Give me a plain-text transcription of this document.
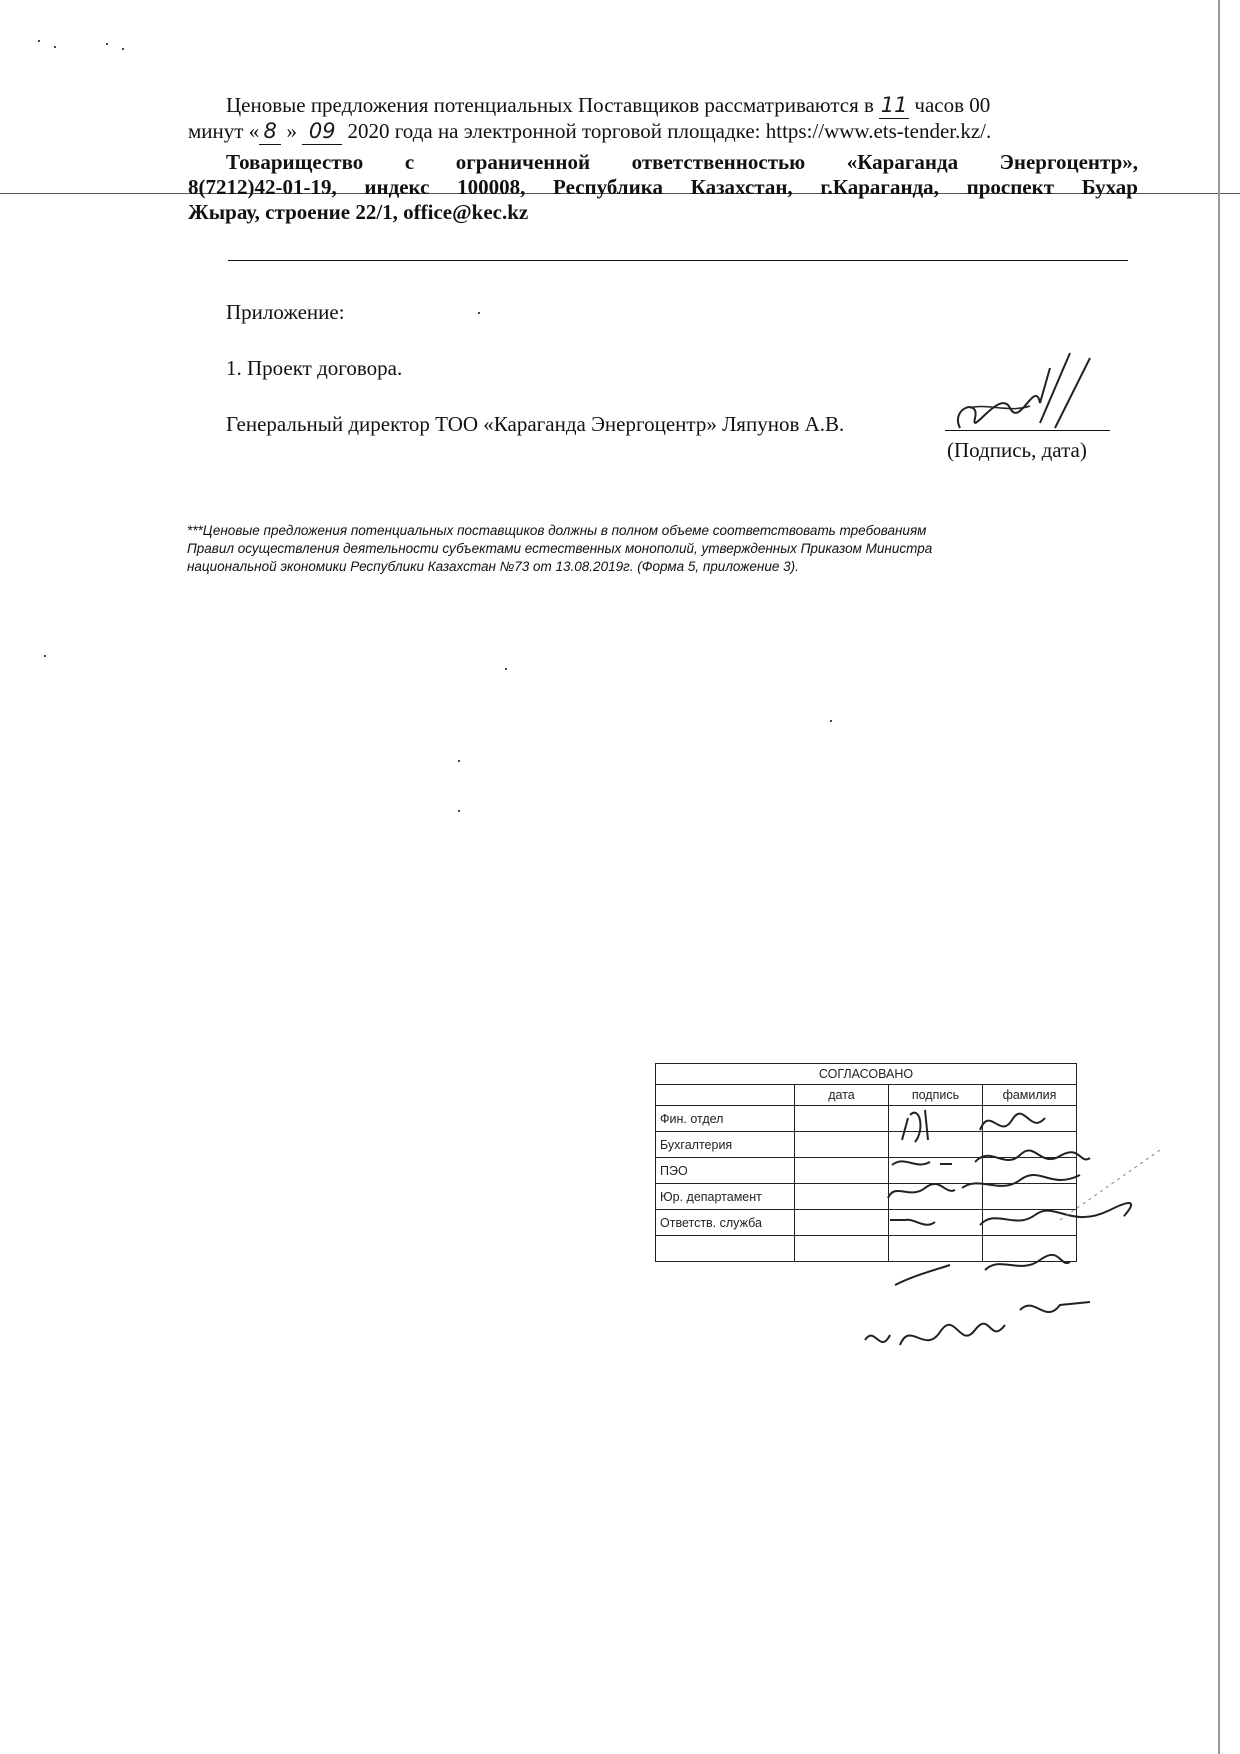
Ценовые предложения потенциальных Поставщиков рассматриваются в 11 часов 00
минут « 8 » 09 2020 года на электронной торговой площадке: https://www.ets-tender.kz/.
Товарищество с ограниченной ответственностью «Караганда Энергоцентр»,
8(7212)42-01-19, индекс 100008, Республика Казахстан, г.Караганда, проспект Бухар
Жырау, строение 22/1, office@kec.kz
Приложение:
1. Проект договора.
Генеральный директор ТОО «Караганда Энергоцентр» Ляпунов А.В.
(Подпись, дата)
***Ценовые предложения потенциальных поставщиков должны в полном объеме соответствовать требованиям
Правил осуществления деятельности субъектами естественных монополий, утвержденных Приказом Министра
национальной экономики Республики Казахстан №73 от 13.08.2019г. (Форма 5, приложение 3).
СОГЛАСОВАНО			
	дата	подпись	фамилия
Фин. отдел			
Бухгалтерия			
ПЭО			
Юр. департамент			
Ответств. служба			
